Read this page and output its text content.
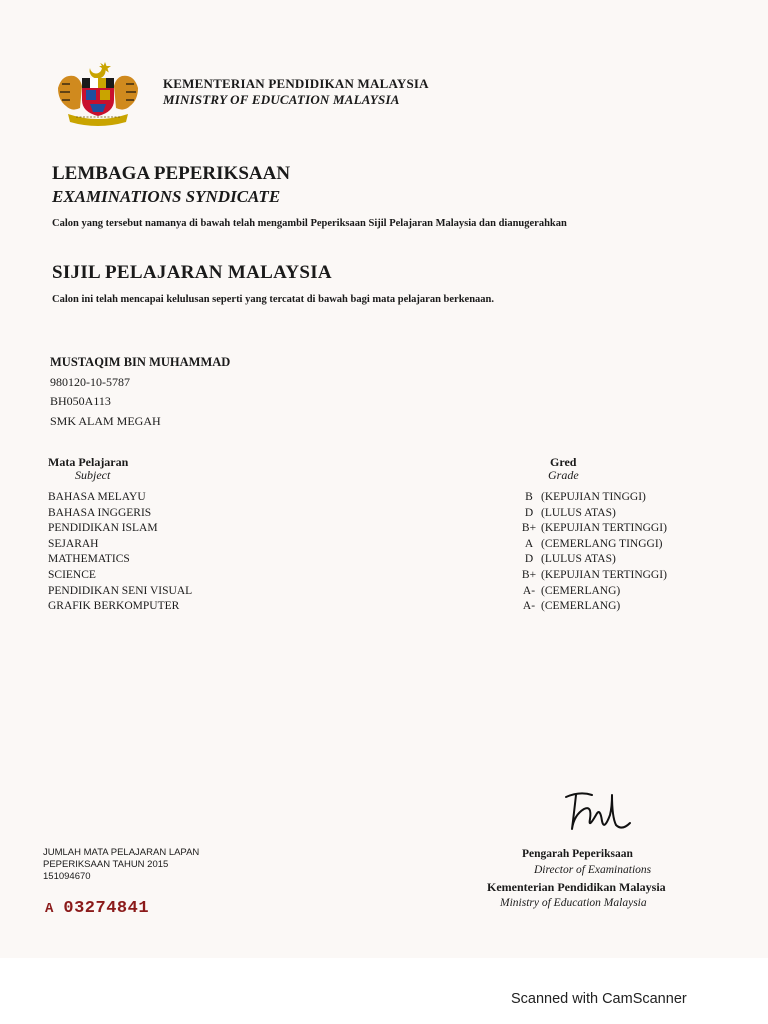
KEMENTERIAN PENDIDIKAN MALAYSIA
MINISTRY OF EDUCATION MALAYSIA
LEMBAGA PEPERIKSAAN
EXAMINATIONS SYNDICATE
Calon yang tersebut namanya di bawah telah mengambil Peperiksaan Sijil Pelajaran Malaysia dan dianugerahkan
SIJIL PELAJARAN MALAYSIA
Calon ini telah mencapai kelulusan seperti yang tercatat di bawah bagi mata pelajaran berkenaan.
MUSTAQIM BIN MUHAMMAD
980120-10-5787
BH050A113
SMK ALAM MEGAH
Mata Pelajaran
Subject
Gred
Grade
BAHASA MELAYU
BAHASA INGGERIS
PENDIDIKAN ISLAM
SEJARAH
MATHEMATICS
SCIENCE
PENDIDIKAN SENI VISUAL
GRAFIK BERKOMPUTER
B (KEPUJIAN TINGGI)
D (LULUS ATAS)
B+ (KEPUJIAN TERTINGGI)
A (CEMERLANG TINGGI)
D (LULUS ATAS)
B+ (KEPUJIAN TERTINGGI)
A- (CEMERLANG)
A- (CEMERLANG)
Pengarah Peperiksaan
Director of Examinations
Kementerian Pendidikan Malaysia
Ministry of Education Malaysia
JUMLAH MATA PELAJARAN LAPAN
PEPERIKSAAN TAHUN 2015
151094670
A 03274841
Scanned with CamScanner
